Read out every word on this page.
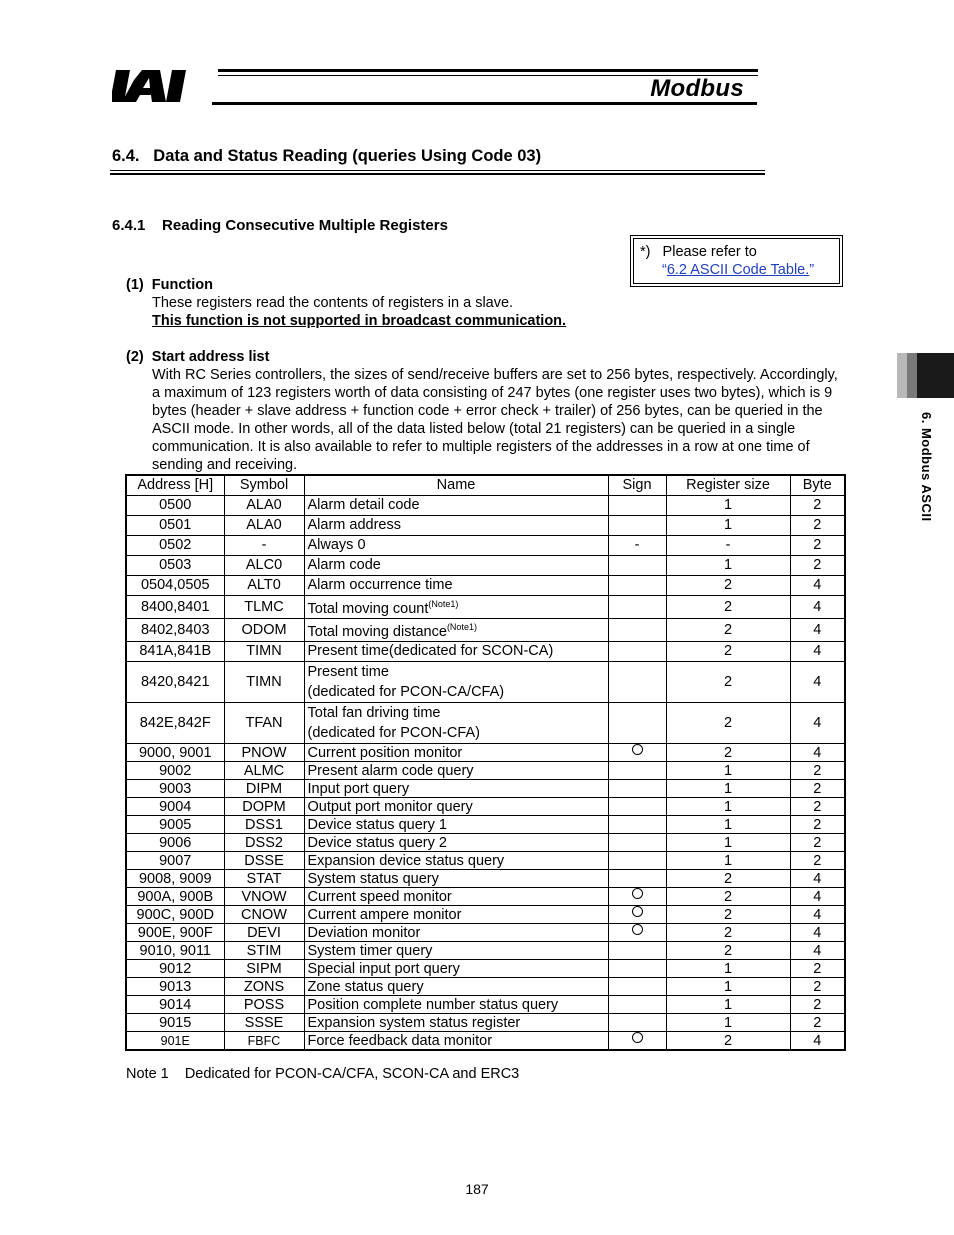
IAI
Modbus
6.4.   Data and Status Reading (queries Using Code 03)
6.4.1    Reading Consecutive Multiple Registers
*)   Please refer to
“6.2 ASCII Code Table.”
(1)  Function
These registers read the contents of registers in a slave.
This function is not supported in broadcast communication.
(2)  Start address list
With RC Series controllers, the sizes of send/receive buffers are set to 256 bytes, respectively. Accordingly, a maximum of 123 registers worth of data consisting of 247 bytes (one register uses two bytes), which is 9 bytes (header + slave address + function code + error check + trailer) of 256 bytes, can be queried in the ASCII mode. In other words, all of the data listed below (total 21 registers) can be queried in a single communication. It is also available to refer to multiple registers of the addresses in a row at one time of sending and receiving.	6. Modbus ASCII
Address [H]	Symbol	Name	Sign	Register size	Byte
0500	ALA0	Alarm detail code		1	2
0501	ALA0	Alarm address		1	2
0502	-	Always 0	-	-	2
0503	ALC0	Alarm code		1	2
0504,0505	ALT0	Alarm occurrence time		2	4
8400,8401	TLMC	Total moving count$^{(Note1)}$		2	4
8402,8403	ODOM	Total moving distance$^{(Note1)}$		2	4
841A,841B	TIMN	Present time(dedicated for SCON-CA)		2	4
8420,8421	TIMN	Present time
(dedicated for PCON-CA/CFA)		2	4
842E,842F	TFAN	Total fan driving time
(dedicated for PCON-CFA)		2	4
9000, 9001	PNOW	Current position monitor		2	4
9002	ALMC	Present alarm code query		1	2
9003	DIPM	Input port query		1	2
9004	DOPM	Output port monitor query		1	2
9005	DSS1	Device status query 1		1	2
9006	DSS2	Device status query 2		1	2
9007	DSSE	Expansion device status query		1	2
9008, 9009	STAT	System status query		2	4
900A, 900B	VNOW	Current speed monitor		2	4
900C, 900D	CNOW	Current ampere monitor		2	4
900E, 900F	DEVI	Deviation monitor		2	4
9010, 9011	STIM	System timer query		2	4
9012	SIPM	Special input port query		1	2
9013	ZONS	Zone status query		1	2
9014	POSS	Position complete number status query		1	2
9015	SSSE	Expansion system status register		1	2
901E	FBFC	Force feedback data monitor		2	4
Note 1    Dedicated for PCON-CA/CFA, SCON-CA and ERC3
187
